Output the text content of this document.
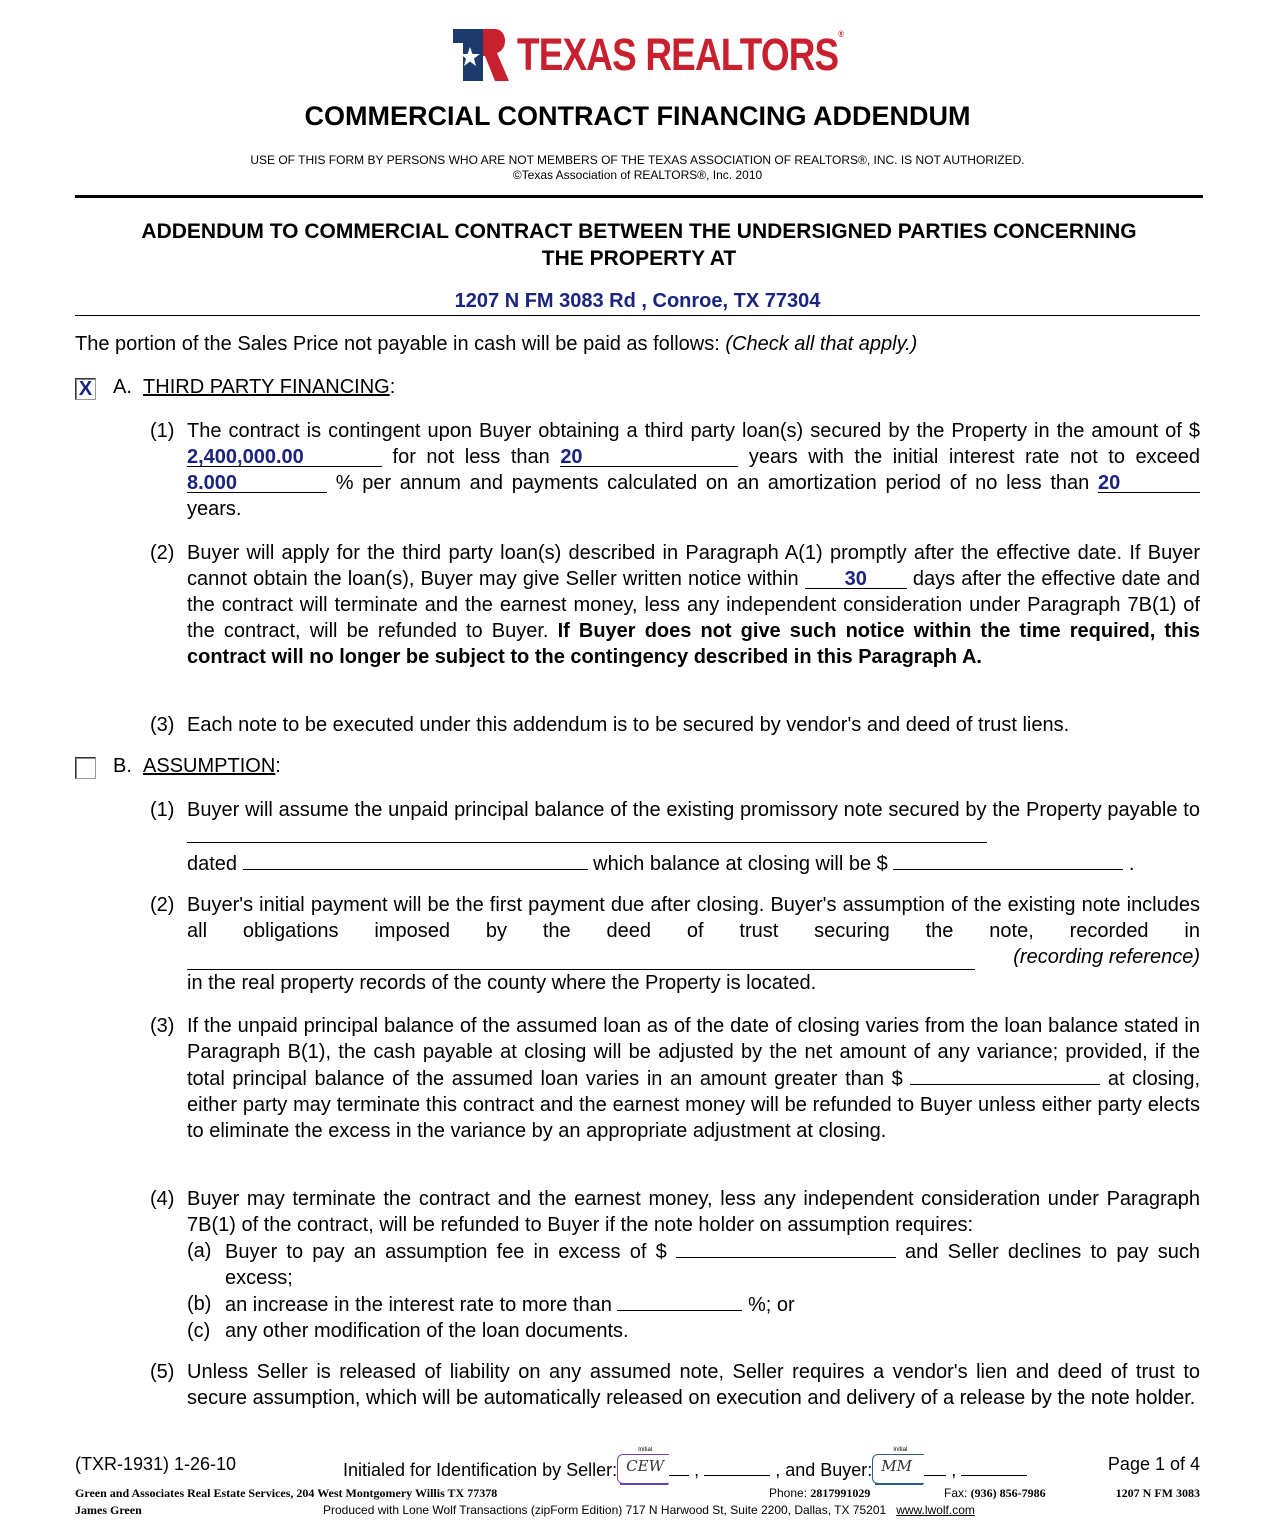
TEXAS REALTORS®
COMMERCIAL CONTRACT FINANCING ADDENDUM
USE OF THIS FORM BY PERSONS WHO ARE NOT MEMBERS OF THE TEXAS ASSOCIATION OF REALTORS®, INC. IS NOT AUTHORIZED.
©Texas Association of REALTORS®, Inc. 2010
ADDENDUM TO COMMERCIAL CONTRACT BETWEEN THE UNDERSIGNED PARTIES CONCERNING
THE PROPERTY AT
1207 N FM 3083 Rd , Conroe, TX 77304
The portion of the Sales Price not payable in cash will be paid as follows: (Check all that apply.)
X A. THIRD PARTY FINANCING:
(1) The contract is contingent upon Buyer obtaining a third party loan(s) secured by the Property in the amount of $ 2,400,000.00	for not less than 20	years with the initial interest rate not to exceed 8.000	% per annum and payments calculated on an amortization period of no less than 20 years.
(2) Buyer will apply for the third party loan(s) described in Paragraph A(1) promptly after the effective date. If Buyer cannot obtain the loan(s), Buyer may give Seller written notice within 30 days after the effective date and the contract will terminate and the earnest money, less any independent consideration under Paragraph 7B(1) of the contract, will be refunded to Buyer. If Buyer does not give such notice within the time required, this contract will no longer be subject to the contingency described in this Paragraph A.
(3) Each note to be executed under this addendum is to be secured by vendor's and deed of trust liens.
B. ASSUMPTION:
(1) Buyer will assume the unpaid principal balance of the existing promissory note secured by the Property payable to
dated	which balance at closing will be $	.
(2) Buyer's initial payment will be the first payment due after closing. Buyer's assumption of the existing note includes all obligations imposed by the deed of trust securing the note, recorded in
(recording reference)
in the real property records of the county where the Property is located.
(3) If the unpaid principal balance of the assumed loan as of the date of closing varies from the loan balance stated in Paragraph B(1), the cash payable at closing will be adjusted by the net amount of any variance; provided, if the total principal balance of the assumed loan varies in an amount greater than $	at closing, either party may terminate this contract and the earnest money will be refunded to Buyer unless either party elects to eliminate the excess in the variance by an appropriate adjustment at closing.
(4) Buyer may terminate the contract and the earnest money, less any independent consideration under Paragraph 7B(1) of the contract, will be refunded to Buyer if the note holder on assumption requires:
(a) Buyer to pay an assumption fee in excess of $	and Seller declines to pay such excess;
(b) an increase in the interest rate to more than	%; or
(c) any other modification of the loan documents.
(5) Unless Seller is released of liability on any assumed note, Seller requires a vendor's lien and deed of trust to secure assumption, which will be automatically released on execution and delivery of a release by the note holder.
(TXR-1931) 1-26-10	Initialed for Identification by Seller:
Initial
CEW ,	, and Buyer:
Initial
MM ,	Page 1 of 4
Green and Associates Real Estate Services, 204 West Montgomery Willis TX 77378	Phone: 2817991029	Fax: (936) 856-7986	1207 N FM 3083
James Green	Produced with Lone Wolf Transactions (zipForm Edition) 717 N Harwood St, Suite 2200, Dallas, TX 75201 www.lwolf.com
